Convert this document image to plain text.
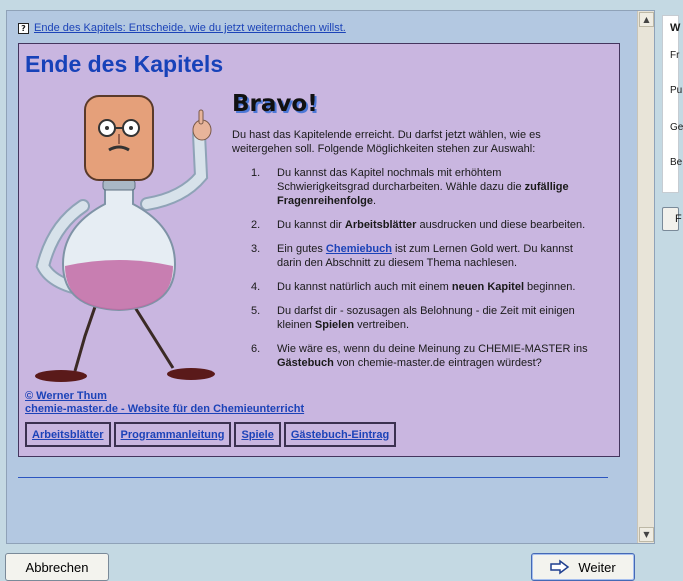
? Ende des Kapitels: Entscheide, wie du jetzt weitermachen willst.
Ende des Kapitels
Bravo!
Du hast das Kapitelende erreicht. Du darfst jetzt wählen, wie es weitergehen soll. Folgende Möglichkeiten stehen zur Auswahl:
1.	Du kannst das Kapitel nochmals mit erhöhtem Schwierigkeitsgrad durcharbeiten. Wähle dazu die zufällige Fragenreihenfolge.
2.	Du kannst dir Arbeitsblätter ausdrucken und diese bearbeiten.
3.	Ein gutes Chemiebuch ist zum Lernen Gold wert. Du kannst darin den Abschnitt zu diesem Thema nachlesen.
4.	Du kannst natürlich auch mit einem neuen Kapitel beginnen.
5.	Du darfst dir - sozusagen als Belohnung - die Zeit mit einigen kleinen Spielen vertreiben.
6.	Wie wäre es, wenn du deine Meinung zu CHEMIE-MASTER ins Gästebuch von chemie-master.de eintragen würdest?
© Werner Thum
chemie-master.de - Website für den Chemieunterricht
Arbeitsblätter	Programmanleitung	Spiele	Gästebuch-Eintrag
▲
▼
W
Fr
Pu
Ge
Be
F
Abbrechen	Weiter
